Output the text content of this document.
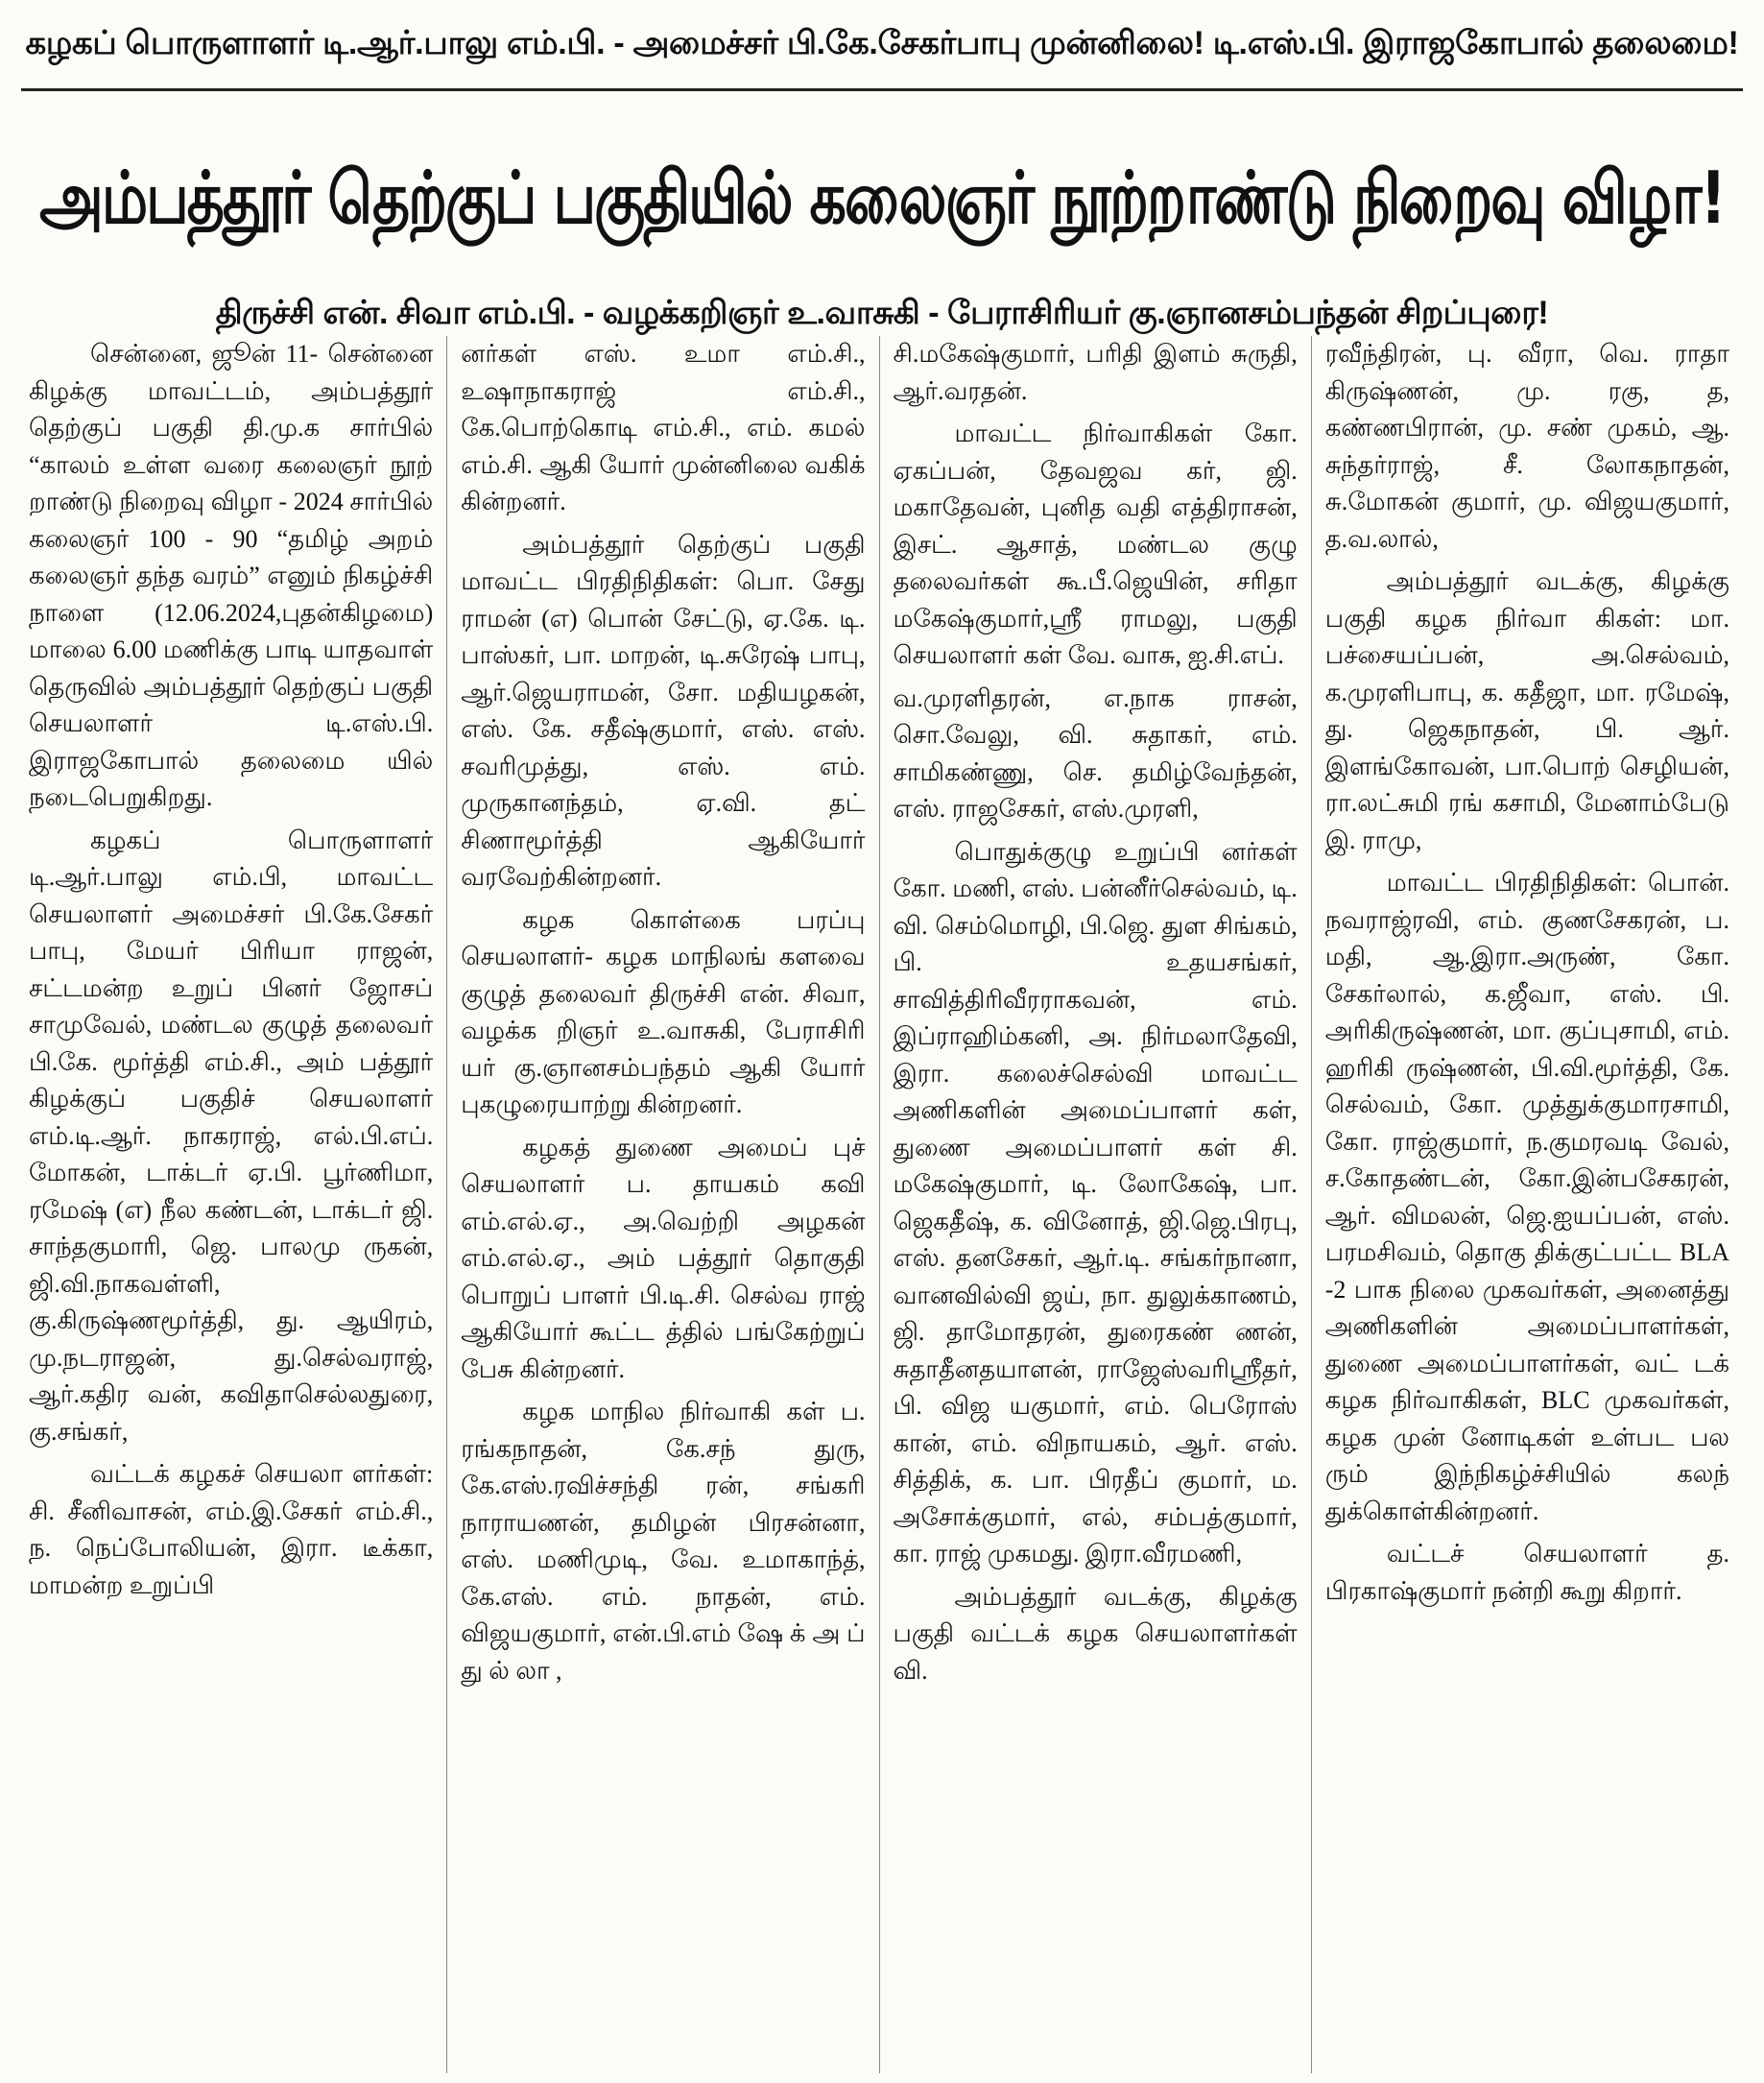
கழகப் பொருளாளர் டி.ஆர்.பாலு எம்.பி. - அமைச்சர் பி.கே.சேகர்பாபு முன்னிலை! டி.எஸ்.பி. இராஜகோபால் தலைமை!
அம்பத்தூர் தெற்குப் பகுதியில் கலைஞர் நூற்றாண்டு நிறைவு விழா!
திருச்சி என். சிவா எம்.பி. - வழக்கறிஞர் உ.வாசுகி - பேராசிரியர் கு.ஞானசம்பந்தன் சிறப்புரை!

சென்னை, ஜூன் 11- சென்னை கிழக்கு மாவட்டம், அம்பத்தூர் தெற்குப் பகுதி தி.மு.க சார்பில் “காலம் உள்ள வரை கலைஞர் நூற் றாண்டு நிறைவு விழா - 2024 சார்பில் கலைஞர் 100 - 90 “தமிழ் அறம் கலைஞர் தந்த வரம்” எனும் நிகழ்ச்சி நாளை (12.06.2024,புதன்கிழமை) மாலை 6.00 மணிக்கு பாடி யாதவாள் தெருவில் அம்பத்தூர் தெற்குப் பகுதி செயலாளர் டி.எஸ்.பி. இராஜகோபால் தலைமை யில் நடைபெறுகிறது.

கழகப் பொருளாளர் டி.ஆர்.பாலு எம்.பி, மாவட்ட செயலாளர் அமைச்சர் பி.கே.சேகர் பாபு, மேயர் பிரியா ராஜன், சட்டமன்ற உறுப் பினர் ஜோசப் சாமுவேல், மண்டல குழுத் தலைவர் பி.கே. மூர்த்தி எம்.சி., அம் பத்தூர் கிழக்குப் பகுதிச் செயலாளர் எம்.டி.ஆர். நாகராஜ், எல்.பி.எப். மோகன், டாக்டர் ஏ.பி. பூர்ணிமா, ரமேஷ் (எ) நீல கண்டன், டாக்டர் ஜி. சாந்தகுமாரி, ஜெ. பாலமு ருகன், ஜி.வி.நாகவள்ளி, கு.கிருஷ்ணமூர்த்தி, து. ஆயிரம், மு.நடராஜன், து.செல்வராஜ், ஆர்.கதிர வன், கவிதாசெல்லதுரை, கு.சங்கர்,

வட்டக் கழகச் செயலா ளர்கள்: சி. சீனிவாசன், எம்.இ.சேகர் எம்.சி., ந. நெப்போலியன், இரா. டீக்கா, மாமன்ற உறுப்பி

னர்கள் எஸ். உமா எம்.சி., உஷாநாகராஜ் எம்.சி., கே.பொற்கொடி எம்.சி., எம். கமல் எம்.சி. ஆகி யோர் முன்னிலை வகிக் கின்றனர்.

அம்பத்தூர் தெற்குப் பகுதி மாவட்ட பிரதிநிதிகள்: பொ. சேது ராமன் (எ) பொன் சேட்டு, ஏ.கே. டி. பாஸ்கர், பா. மாறன், டி.சுரேஷ் பாபு, ஆர்.ஜெயராமன், சோ. மதியழகன், எஸ். கே. சதீஷ்குமார், எஸ். எஸ். சவரிமுத்து, எஸ். எம். முருகானந்தம், ஏ.வி. தட் சிணாமூர்த்தி ஆகியோர் வரவேற்கின்றனர்.

கழக கொள்கை பரப்பு செயலாளர்- கழக மாநிலங் களவை குழுத் தலைவர் திருச்சி என். சிவா, வழக்க றிஞர் உ.வாசுகி, பேராசிரி யர் கு.ஞானசம்பந்தம் ஆகி யோர் புகழுரையாற்று கின்றனர்.

கழகத் துணை அமைப் புச் செயலாளர் ப. தாயகம் கவி எம்.எல்.ஏ., அ.வெற்றி அழகன் எம்.எல்.ஏ., அம் பத்தூர் தொகுதி பொறுப் பாளர் பி.டி.சி. செல்வ ராஜ் ஆகியோர் கூட்ட த்தில் பங்கேற்றுப் பேசு கின்றனர்.

கழக மாநில நிர்வாகி கள் ப. ரங்கநாதன், கே.சந் துரு, கே.எஸ்.ரவிச்சந்தி ரன், சங்கரி நாராயணன், தமிழன் பிரசன்னா, எஸ். மணிமுடி, வே. உமாகாந்த், கே.எஸ். எம். நாதன், எம். விஜயகுமார், என்.பி.எம் ஷே க் அ ப் து ல் லா ,

சி.மகேஷ்குமார், பரிதி இளம் சுருதி, ஆர்.வரதன்.

மாவட்ட நிர்வாகிகள் கோ. ஏகப்பன், தேவஜவ கர், ஜி. மகாதேவன், புனித வதி எத்திராசன், இசட். ஆசாத், மண்டல குழு தலைவர்கள் கூ.பீ.ஜெயின், சரிதா மகேஷ்குமார்,ஸ்ரீ ராமலு, பகுதி செயலாளர் கள் வே. வாசு, ஐ.சி.எப்.

வ.முரளிதரன், எ.நாக ராசன், சொ.வேலு, வி. சுதாகர், எம். சாமிகண்ணு, செ. தமிழ்வேந்தன், எஸ். ராஜசேகர், எஸ்.முரளி,

பொதுக்குழு உறுப்பி னர்கள் கோ. மணி, எஸ். பன்னீர்செல்வம், டி. வி. செம்மொழி, பி.ஜெ. துள சிங்கம், பி. உதயசங்கர், சாவித்திரிவீரராகவன், எம். இப்ராஹிம்கனி, அ. நிர்மலாதேவி, இரா. கலைச்செல்வி மாவட்ட அணிகளின் அமைப்பாளர் கள், துணை அமைப்பாளர் கள் சி. மகேஷ்குமார், டி. லோகேஷ், பா. ஜெகதீஷ், க. வினோத், ஜி.ஜெ.பிரபு, எஸ். தனசேகர், ஆர்.டி. சங்கர்நானா, வானவில்வி ஜய், நா. துலுக்காணம், ஜி. தாமோதரன், துரைகண் ணன், சுதாதீனதயாளன், ராஜேஸ்வரிஸ்ரீதர், பி. விஜ யகுமார், எம். பெரோஸ் கான், எம். விநாயகம், ஆர். எஸ். சித்திக், க. பா. பிரதீப் குமார், ம. அசோக்குமார், எல், சம்பத்குமார், கா. ராஜ் முகமது. இரா.வீரமணி,

அம்பத்தூர் வடக்கு, கிழக்கு பகுதி வட்டக் கழக செயலாளர்கள் வி.

ரவீந்திரன், பு. வீரா, வெ. ராதா கிருஷ்ணன், மு. ரகு, த, கண்ணபிரான், மு. சண் முகம், ஆ. சுந்தர்ராஜ், சீ. லோகநாதன், சு.மோகன் குமார், மு. விஜயகுமார், த.வ.லால்,

அம்பத்தூர் வடக்கு, கிழக்கு பகுதி கழக நிர்வா கிகள்: மா. பச்சையப்பன், அ.செல்வம், க.முரளிபாபு, க. கதீஜா, மா. ரமேஷ், து. ஜெகநாதன், பி. ஆர். இளங்கோவன், பா.பொற் செழியன், ரா.லட்சுமி ரங் கசாமி, மேனாம்பேடு இ. ராமு,

மாவட்ட பிரதிநிதிகள்: பொன். நவராஜ்ரவி, எம். குணசேகரன், ப. மதி, ஆ.இரா.அருண், கோ. சேகர்லால், க.ஜீவா, எஸ். பி. அரிகிருஷ்ணன், மா. குப்புசாமி, எம். ஹரிகி ருஷ்ணன், பி.வி.மூர்த்தி, கே. செல்வம், கோ. முத்துக்குமாரசாமி, கோ. ராஜ்குமார், ந.குமரவடி வேல், ச.கோதண்டன், கோ.இன்பசேகரன், ஆர். விமலன், ஜெ.ஐயப்பன், எஸ். பரமசிவம், தொகு திக்குட்பட்ட BLA -2 பாக நிலை முகவர்கள், அனைத்து அணிகளின் அமைப்பாளர்கள், துணை அமைப்பாளர்கள், வட் டக் கழக நிர்வாகிகள், BLC முகவர்கள், கழக முன் னோடிகள் உள்பட பல ரும் இந்நிகழ்ச்சியில் கலந் துக்கொள்கின்றனர்.

வட்டச் செயலாளர் த. பிரகாஷ்குமார் நன்றி கூறு கிறார்.
